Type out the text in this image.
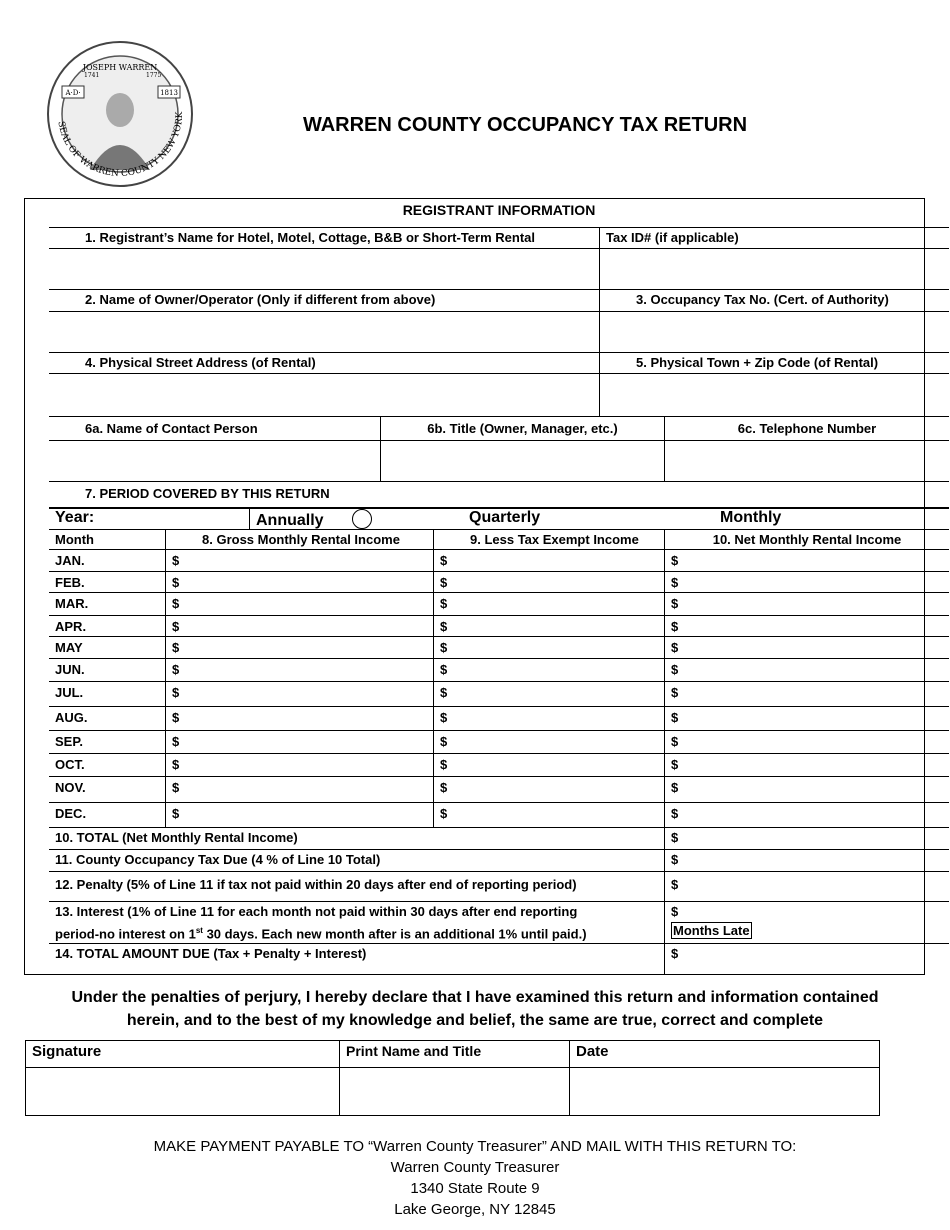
JOSEPH WARREN
1741	1775
A·D·	1813
SEAL OF WARREN COUNTY NEW YORK	WARREN COUNTY OCCUPANCY TAX RETURN
REGISTRANT INFORMATION
1. Registrant’s Name for Hotel, Motel, Cottage, B&B or Short-Term Rental	Tax ID# (if applicable)
2. Name of Owner/Operator (Only if different from above)	3. Occupancy Tax No. (Cert. of Authority)
4. Physical Street Address (of Rental)	5. Physical Town + Zip Code (of Rental)
6a. Name of Contact Person	6b. Title (Owner, Manager, etc.)	6c. Telephone Number
7. PERIOD COVERED BY THIS RETURN
Year:	Annually	Quarterly	Monthly
Month	8. Gross Monthly Rental Income	9. Less Tax Exempt Income	10. Net Monthly Rental Income
JAN.	$	$	$
FEB.	$	$	$
MAR.	$	$	$
APR.	$	$	$
MAY	$	$	$
JUN.	$	$	$
JUL.	$	$	$
AUG.	$	$	$
SEP.	$	$	$
OCT.	$	$	$
NOV.	$	$	$
DEC.	$	$	$
10. TOTAL (Net Monthly Rental Income)	$
11. County Occupancy Tax Due (4 % of Line 10 Total)	$
12. Penalty (5% of Line 11 if tax not paid within 20 days after end of reporting period)	$
13. Interest (1% of Line 11 for each month not paid within 30 days after end reporting
period-no interest on 1st 30 days. Each new month after is an additional 1% until paid.)
$
Months Late
14. TOTAL AMOUNT DUE (Tax + Penalty + Interest)	$
Under the penalties of perjury, I hereby declare that I have examined this return and information contained
herein, and to the best of my knowledge and belief, the same are true, correct and complete
Signature	Print Name and Title	Date
MAKE PAYMENT PAYABLE TO “Warren County Treasurer” AND MAIL WITH THIS RETURN TO:
Warren County Treasurer
1340 State Route 9
Lake George, NY 12845
